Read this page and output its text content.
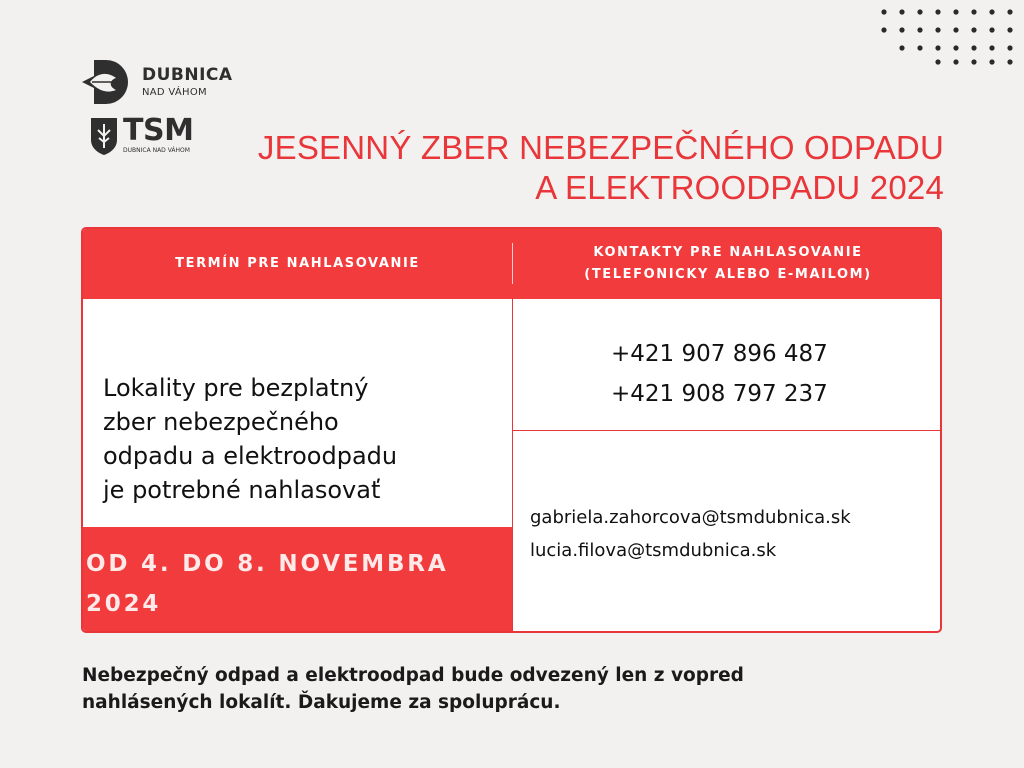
DUBNICA
NAD VÁHOM
TSM
DUBNICA NAD VÁHOM JESENNÝ ZBER NEBEZPEČNÉHO ODPADU
A ELEKTROODPADU 2024
TERMÍN PRE NAHLASOVANIE
KONTAKTY PRE NAHLASOVANIE
(TELEFONICKY ALEBO E-MAILOM)
Lokality pre bezplatný
zber nebezpečného
odpadu a elektroodpadu
je potrebné nahlasovať
OD 4. DO 8. NOVEMBRA
2024
+421 907 896 487
+421 908 797 237
gabriela.zahorcova@tsmdubnica.sk
lucia.filova@tsmdubnica.sk
Nebezpečný odpad a elektroodpad bude odvezený len z vopred
nahlásených lokalít. Ďakujeme za spoluprácu.
